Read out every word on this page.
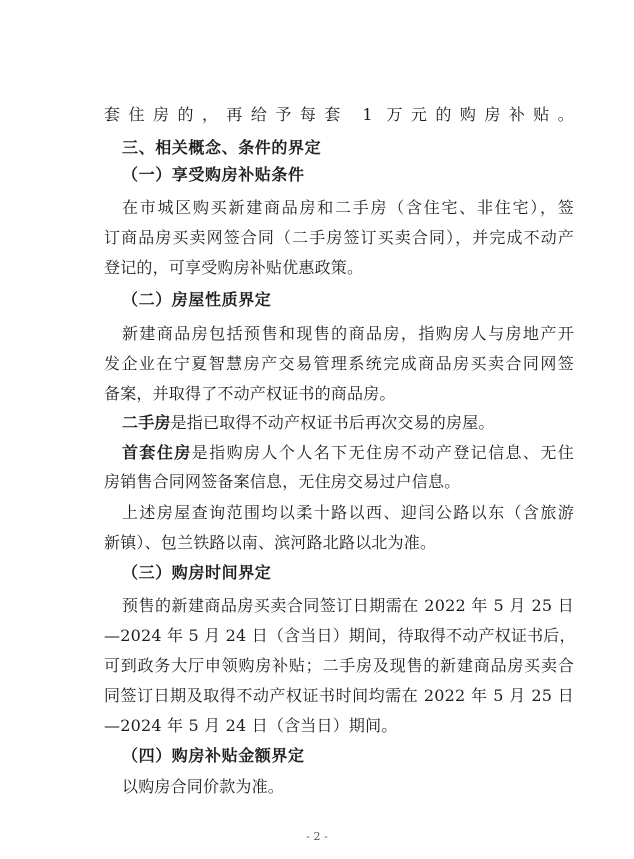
套住房的，再给予每套 1 万元的购房补贴。
三、相关概念、条件的界定
（一）享受购房补贴条件
在市城区购买新建商品房和二手房（含住宅、非住宅），签
订商品房买卖网签合同（二手房签订买卖合同），并完成不动产
登记的，可享受购房补贴优惠政策。
（二）房屋性质界定
新建商品房包括预售和现售的商品房，指购房人与房地产开
发企业在宁夏智慧房产交易管理系统完成商品房买卖合同网签
备案，并取得了不动产权证书的商品房。
二手房是指已取得不动产权证书后再次交易的房屋。
首套住房是指购房人个人名下无住房不动产登记信息、无住
房销售合同网签备案信息，无住房交易过户信息。
上述房屋查询范围均以柔十路以西、迎闫公路以东（含旅游
新镇）、包兰铁路以南、滨河路北路以北为准。
（三）购房时间界定
预售的新建商品房买卖合同签订日期需在 2022 年 5 月 25 日
—2024 年 5 月 24 日（含当日）期间，待取得不动产权证书后，
可到政务大厅申领购房补贴；二手房及现售的新建商品房买卖合
同签订日期及取得不动产权证书时间均需在 2022 年 5 月 25 日
—2024 年 5 月 24 日（含当日）期间。
（四）购房补贴金额界定
以购房合同价款为准。
- 2 -
